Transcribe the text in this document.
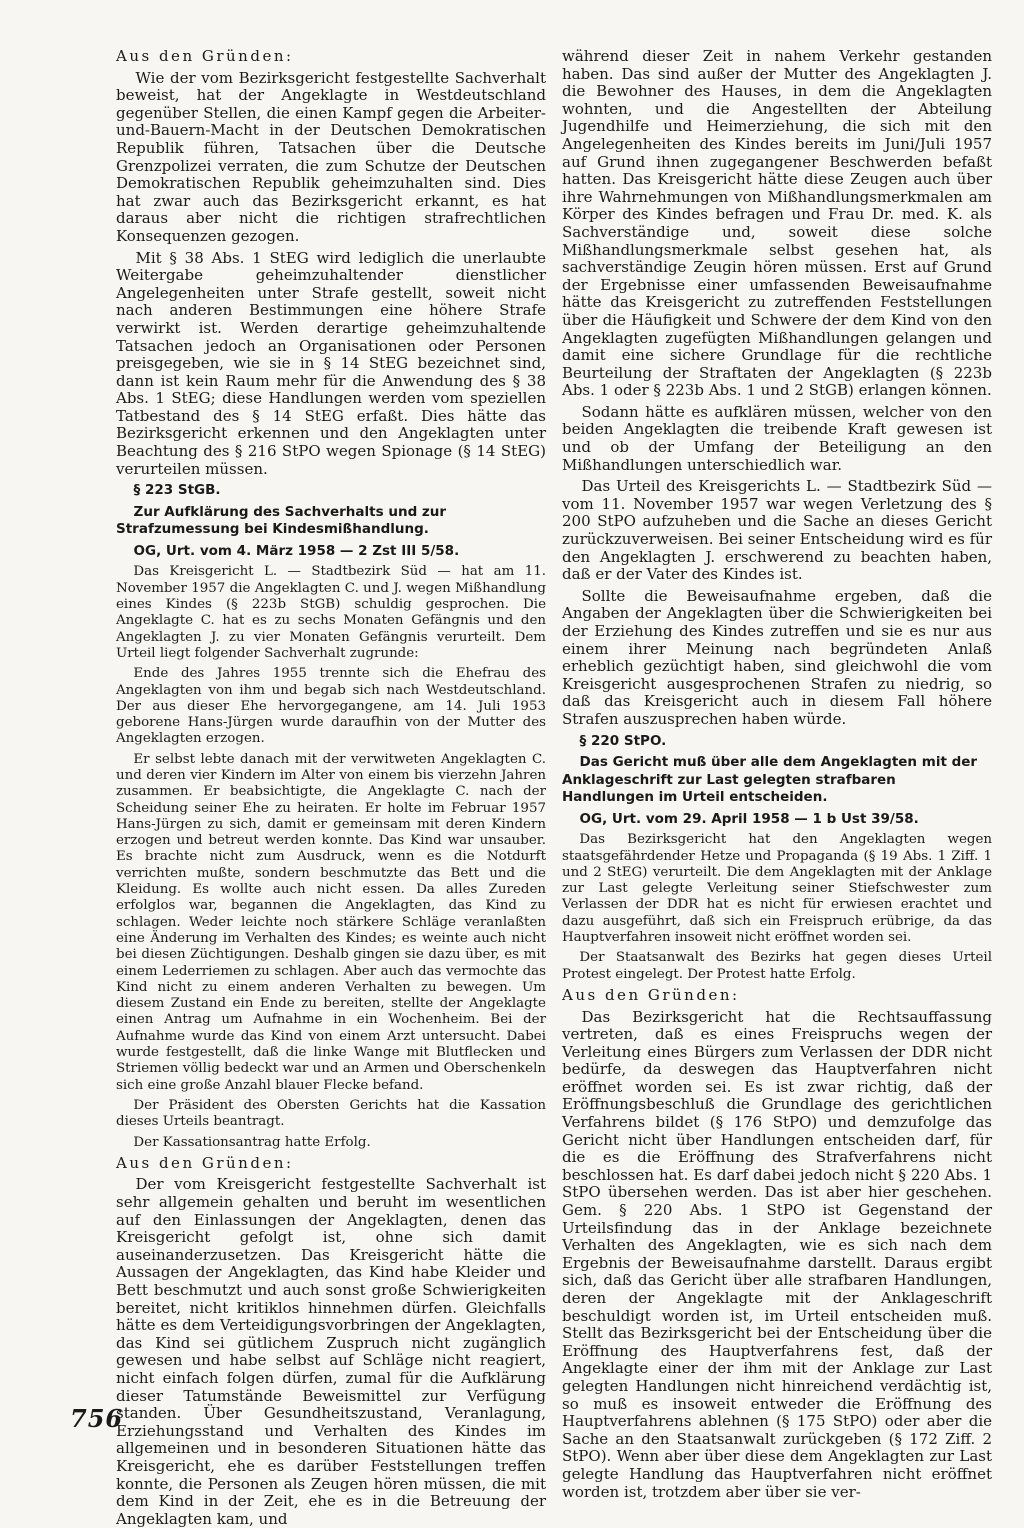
Aus den Gründen:

Wie der vom Bezirksgericht festgestellte Sachverhalt beweist, hat der Angeklagte in Westdeutschland gegenüber Stellen, die einen Kampf gegen die Arbeiter-und-Bauern-Macht in der Deutschen Demokratischen Republik führen, Tatsachen über die Deutsche Grenzpolizei verraten, die zum Schutze der Deutschen Demokratischen Republik geheimzuhalten sind. Dies hat zwar auch das Bezirksgericht erkannt, es hat daraus aber nicht die richtigen strafrechtlichen Konsequenzen gezogen.

Mit § 38 Abs. 1 StEG wird lediglich die unerlaubte Weitergabe geheimzuhaltender dienstlicher Angelegenheiten unter Strafe gestellt, soweit nicht nach anderen Bestimmungen eine höhere Strafe verwirkt ist. Werden derartige geheimzuhaltende Tatsachen jedoch an Organisationen oder Personen preisgegeben, wie sie in § 14 StEG bezeichnet sind, dann ist kein Raum mehr für die Anwendung des § 38 Abs. 1 StEG; diese Handlungen werden vom speziellen Tatbestand des § 14 StEG erfaßt. Dies hätte das Bezirksgericht erkennen und den Angeklagten unter Beachtung des § 216 StPO wegen Spionage (§ 14 StEG) verurteilen müssen.

§ 223 StGB.

Zur Aufklärung des Sachverhalts und zur Strafzumessung bei Kindesmißhandlung.

OG, Urt. vom 4. März 1958 — 2 Zst III 5/58.

Das Kreisgericht L. — Stadtbezirk Süd — hat am 11. November 1957 die Angeklagten C. und J. wegen Mißhandlung eines Kindes (§ 223b StGB) schuldig gesprochen. Die Angeklagte C. hat es zu sechs Monaten Gefängnis und den Angeklagten J. zu vier Monaten Gefängnis verurteilt. Dem Urteil liegt folgender Sachverhalt zugrunde:

Ende des Jahres 1955 trennte sich die Ehefrau des Angeklagten von ihm und begab sich nach Westdeutschland. Der aus dieser Ehe hervorgegangene, am 14. Juli 1953 geborene Hans-Jürgen wurde daraufhin von der Mutter des Angeklagten erzogen.

Er selbst lebte danach mit der verwitweten Angeklagten C. und deren vier Kindern im Alter von einem bis vierzehn Jahren zusammen. Er beabsichtigte, die Angeklagte C. nach der Scheidung seiner Ehe zu heiraten. Er holte im Februar 1957 Hans-Jürgen zu sich, damit er gemeinsam mit deren Kindern erzogen und betreut werden konnte. Das Kind war unsauber. Es brachte nicht zum Ausdruck, wenn es die Notdurft verrichten mußte, sondern beschmutzte das Bett und die Kleidung. Es wollte auch nicht essen. Da alles Zureden erfolglos war, begannen die Angeklagten, das Kind zu schlagen. Weder leichte noch stärkere Schläge veranlaßten eine Änderung im Verhalten des Kindes; es weinte auch nicht bei diesen Züchtigungen. Deshalb gingen sie dazu über, es mit einem Lederriemen zu schlagen. Aber auch das vermochte das Kind nicht zu einem anderen Verhalten zu bewegen. Um diesem Zustand ein Ende zu bereiten, stellte der Angeklagte einen Antrag um Aufnahme in ein Wochenheim. Bei der Aufnahme wurde das Kind von einem Arzt untersucht. Dabei wurde festgestellt, daß die linke Wange mit Blutflecken und Striemen völlig bedeckt war und an Armen und Oberschenkeln sich eine große Anzahl blauer Flecke befand.

Der Präsident des Obersten Gerichts hat die Kassation dieses Urteils beantragt.

Der Kassationsantrag hatte Erfolg.

Aus den Gründen:

Der vom Kreisgericht festgestellte Sachverhalt ist sehr allgemein gehalten und beruht im wesentlichen auf den Einlassungen der Angeklagten, denen das Kreisgericht gefolgt ist, ohne sich damit auseinanderzusetzen. Das Kreisgericht hätte die Aussagen der Angeklagten, das Kind habe Kleider und Bett beschmutzt und auch sonst große Schwierigkeiten bereitet, nicht kritiklos hinnehmen dürfen. Gleichfalls hätte es dem Verteidigungsvorbringen der Angeklagten, das Kind sei gütlichem Zuspruch nicht zugänglich gewesen und habe selbst auf Schläge nicht reagiert, nicht einfach folgen dürfen, zumal für die Aufklärung dieser Tatumstände Beweismittel zur Verfügung standen. Über Gesundheitszustand, Veranlagung, Erziehungsstand und Verhalten des Kindes im allgemeinen und in besonderen Situationen hätte das Kreisgericht, ehe es darüber Feststellungen treffen konnte, die Personen als Zeugen hören müssen, die mit dem Kind in der Zeit, ehe es in die Betreuung der Angeklagten kam, und

während dieser Zeit in nahem Verkehr gestanden haben. Das sind außer der Mutter des Angeklagten J. die Bewohner des Hauses, in dem die Angeklagten wohnten, und die Angestellten der Abteilung Jugendhilfe und Heimerziehung, die sich mit den Angelegenheiten des Kindes bereits im Juni/Juli 1957 auf Grund ihnen zugegangener Beschwerden befaßt hatten. Das Kreisgericht hätte diese Zeugen auch über ihre Wahrnehmungen von Mißhandlungsmerkmalen am Körper des Kindes befragen und Frau Dr. med. K. als Sachverständige und, soweit diese solche Mißhandlungsmerkmale selbst gesehen hat, als sachverständige Zeugin hören müssen. Erst auf Grund der Ergebnisse einer umfassenden Beweisaufnahme hätte das Kreisgericht zu zutreffenden Feststellungen über die Häufigkeit und Schwere der dem Kind von den Angeklagten zugefügten Mißhandlungen gelangen und damit eine sichere Grundlage für die rechtliche Beurteilung der Straftaten der Angeklagten (§ 223b Abs. 1 oder § 223b Abs. 1 und 2 StGB) erlangen können.

Sodann hätte es aufklären müssen, welcher von den beiden Angeklagten die treibende Kraft gewesen ist und ob der Umfang der Beteiligung an den Mißhandlungen unterschiedlich war.

Das Urteil des Kreisgerichts L. — Stadtbezirk Süd — vom 11. November 1957 war wegen Verletzung des § 200 StPO aufzuheben und die Sache an dieses Gericht zurückzuverweisen. Bei seiner Entscheidung wird es für den Angeklagten J. erschwerend zu beachten haben, daß er der Vater des Kindes ist.

Sollte die Beweisaufnahme ergeben, daß die Angaben der Angeklagten über die Schwierigkeiten bei der Erziehung des Kindes zutreffen und sie es nur aus einem ihrer Meinung nach begründeten Anlaß erheblich gezüchtigt haben, sind gleichwohl die vom Kreisgericht ausgesprochenen Strafen zu niedrig, so daß das Kreisgericht auch in diesem Fall höhere Strafen auszusprechen haben würde.

§ 220 StPO.

Das Gericht muß über alle dem Angeklagten mit der Anklageschrift zur Last gelegten strafbaren Handlungen im Urteil entscheiden.

OG, Urt. vom 29. April 1958 — 1 b Ust 39/58.

Das Bezirksgericht hat den Angeklagten wegen staatsgefährdender Hetze und Propaganda (§ 19 Abs. 1 Ziff. 1 und 2 StEG) verurteilt. Die dem Angeklagten mit der Anklage zur Last gelegte Verleitung seiner Stiefschwester zum Verlassen der DDR hat es nicht für erwiesen erachtet und dazu ausgeführt, daß sich ein Freispruch erübrige, da das Hauptverfahren insoweit nicht eröffnet worden sei.

Der Staatsanwalt des Bezirks hat gegen dieses Urteil Protest eingelegt. Der Protest hatte Erfolg.

Aus den Gründen:

Das Bezirksgericht hat die Rechtsauffassung vertreten, daß es eines Freispruchs wegen der Verleitung eines Bürgers zum Verlassen der DDR nicht bedürfe, da deswegen das Hauptverfahren nicht eröffnet worden sei. Es ist zwar richtig, daß der Eröffnungsbeschluß die Grundlage des gerichtlichen Verfahrens bildet (§ 176 StPO) und demzufolge das Gericht nicht über Handlungen entscheiden darf, für die es die Eröffnung des Strafverfahrens nicht beschlossen hat. Es darf dabei jedoch nicht § 220 Abs. 1 StPO übersehen werden. Das ist aber hier geschehen. Gem. § 220 Abs. 1 StPO ist Gegenstand der Urteilsfindung das in der Anklage bezeichnete Verhalten des Angeklagten, wie es sich nach dem Ergebnis der Beweisaufnahme darstellt. Daraus ergibt sich, daß das Gericht über alle strafbaren Handlungen, deren der Angeklagte mit der Anklageschrift beschuldigt worden ist, im Urteil entscheiden muß. Stellt das Bezirksgericht bei der Entscheidung über die Eröffnung des Hauptverfahrens fest, daß der Angeklagte einer der ihm mit der Anklage zur Last gelegten Handlungen nicht hinreichend verdächtig ist, so muß es insoweit entweder die Eröffnung des Hauptverfahrens ablehnen (§ 175 StPO) oder aber die Sache an den Staatsanwalt zurückgeben (§ 172 Ziff. 2 StPO). Wenn aber über diese dem Angeklagten zur Last gelegte Handlung das Hauptverfahren nicht eröffnet worden ist, trotzdem aber über sie ver-

756
